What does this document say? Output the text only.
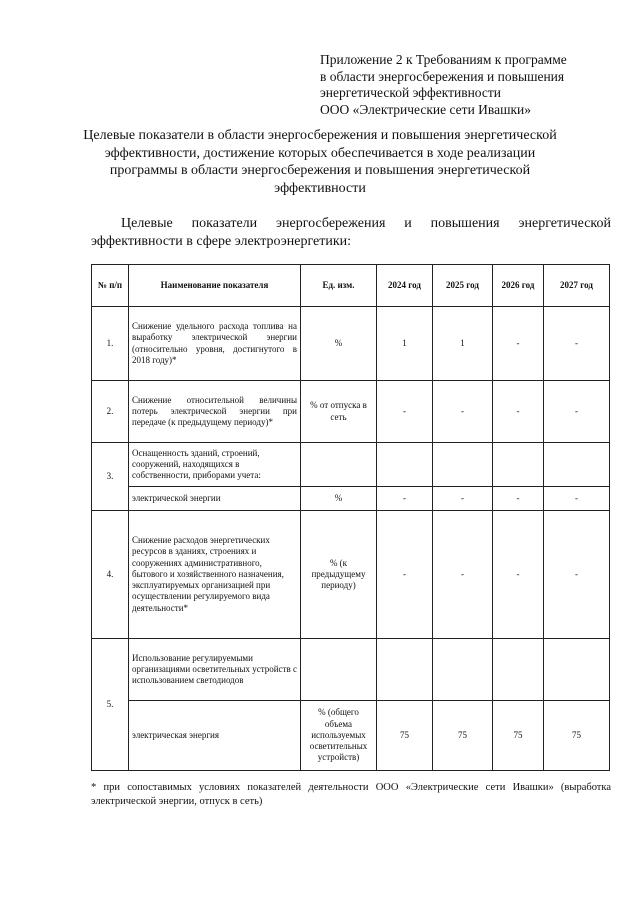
Приложение 2 к Требованиям к программе
в области энергосбережения и повышения
энергетической эффективности
ООО «Электрические сети Ивашки»
Целевые показатели в области энергосбережения и повышения энергетической эффективности, достижение которых обеспечивается в ходе реализации программы в области энергосбережения и повышения энергетической эффективности
Целевые показатели энергосбережения и повышения энергетической
эффективности в сфере электроэнергетики:
№ п/п	Наименование показателя	Ед. изм.	2024 год	2025 год	2026 год	2027 год
1.	Снижение удельного расхода топлива на выработку электрической энергии (относительно уровня, достигнутого в 2018 году)*	%	1	1	-	-
2.	Снижение относительной величины потерь электрической энергии при передаче (к предыдущему периоду)*	% от отпуска в сеть	-	-	-	-
3.	Оснащенность зданий, строений, сооружений, находящихся в собственности, приборами учета:					
	электрической энергии	%	-	-	-	-
4.	Снижение расходов энергетических ресурсов в зданиях, строениях и сооружениях административного, бытового и хозяйственного назначения, эксплуатируемых организацией при осуществлении регулируемого вида деятельности*	% (к предыдущему периоду)	-	-	-	-
5.	Использование регулируемыми организациями осветительных устройств с использованием светодиодов					
	электрическая энергия	% (общего объема используемых осветительных устройств)	75	75	75	75
* при сопоставимых условиях показателей деятельности ООО «Электрические сети Ивашки» (выработка электрической энергии, отпуск в сеть)
